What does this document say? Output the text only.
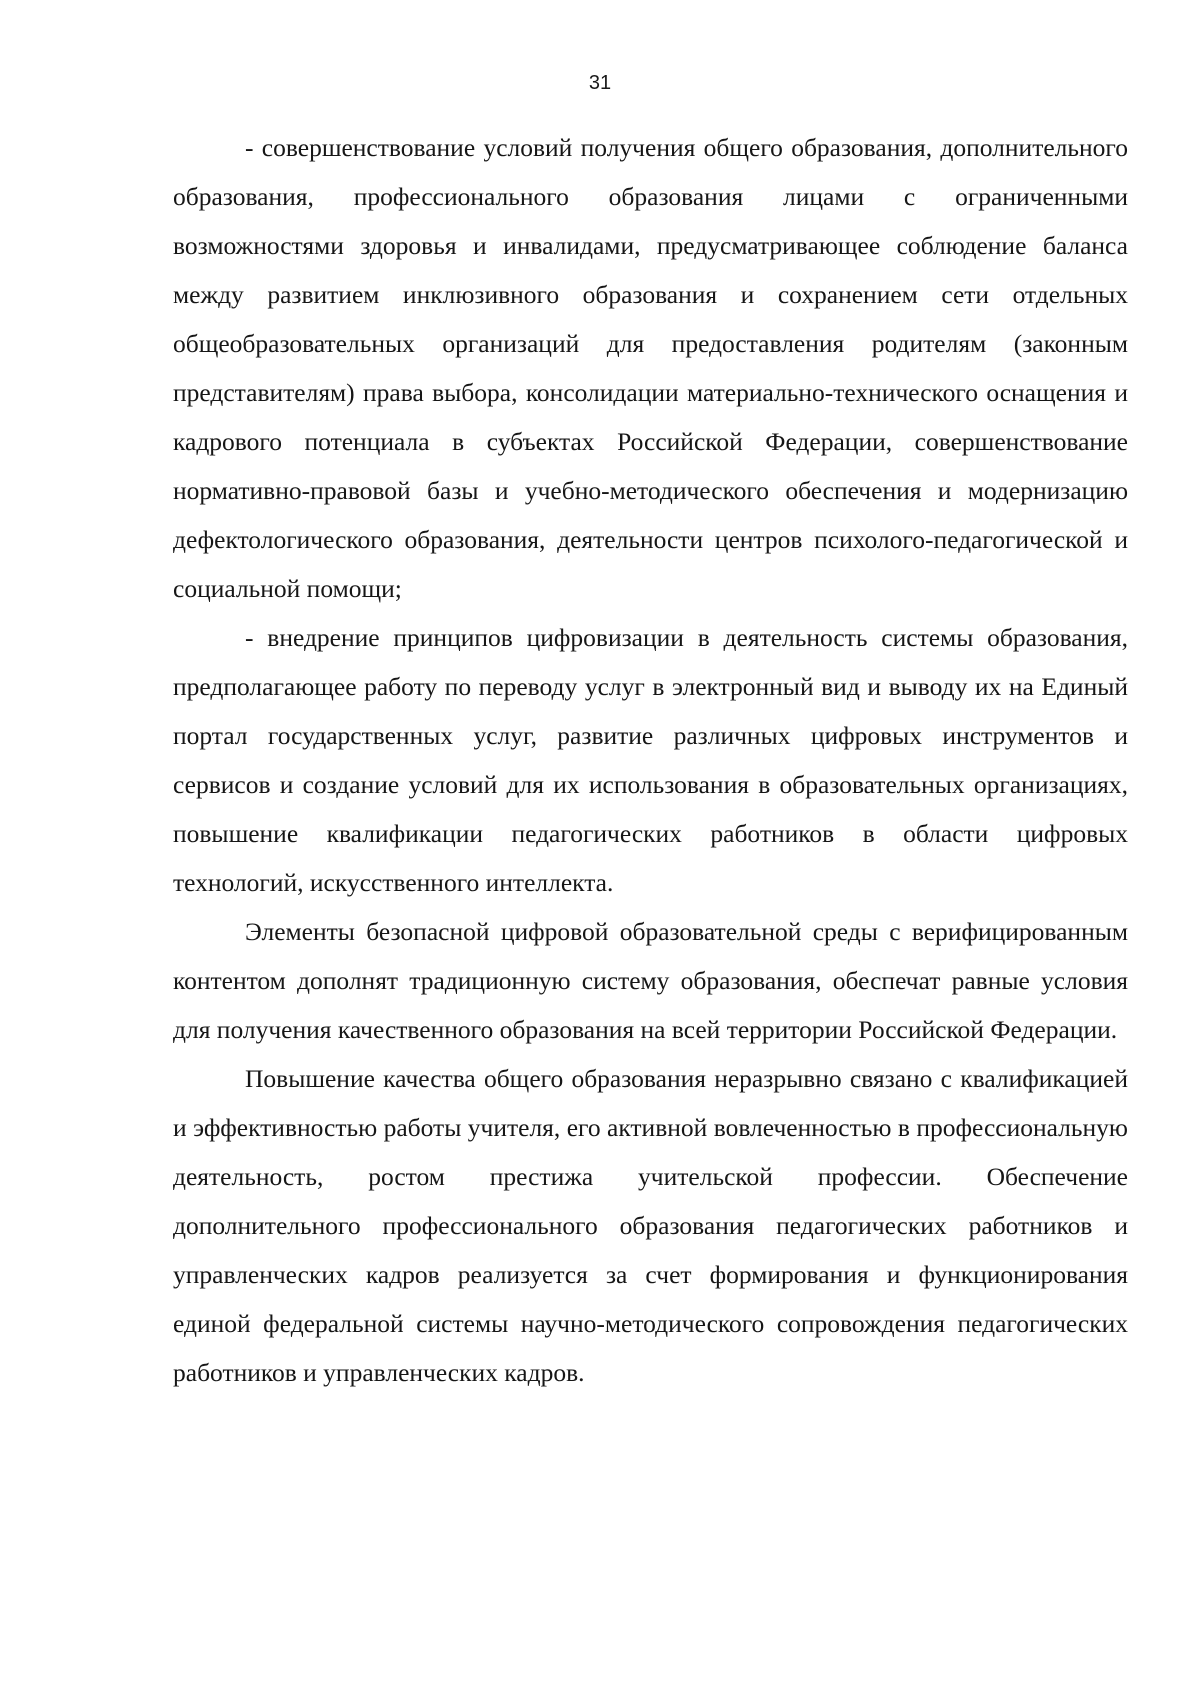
31

- совершенствование условий получения общего образования, дополнительного образования, профессионального образования лицами с ограниченными возможностями здоровья и инвалидами, предусматривающее соблюдение баланса между развитием инклюзивного образования и сохранением сети отдельных общеобразовательных организаций для предоставления родителям (законным представителям) права выбора, консолидации материально-технического оснащения и кадрового потенциала в субъектах Российской Федерации, совершенствование нормативно-правовой базы и учебно-методического обеспечения и модернизацию дефектологического образования, деятельности центров психолого-педагогической и социальной помощи;

- внедрение принципов цифровизации в деятельность системы образования, предполагающее работу по переводу услуг в электронный вид и выводу их на Единый портал государственных услуг, развитие различных цифровых инструментов и сервисов и создание условий для их использования в образовательных организациях, повышение квалификации педагогических работников в области цифровых технологий, искусственного интеллекта.

Элементы безопасной цифровой образовательной среды с верифицированным контентом дополнят традиционную систему образования, обеспечат равные условия для получения качественного образования на всей территории Российской Федерации.

Повышение качества общего образования неразрывно связано с квалификацией и эффективностью работы учителя, его активной вовлеченностью в профессиональную деятельность, ростом престижа учительской профессии. Обеспечение дополнительного профессионального образования педагогических работников и управленческих кадров реализуется за счет формирования и функционирования единой федеральной системы научно-методического сопровождения педагогических работников и управленческих кадров.
